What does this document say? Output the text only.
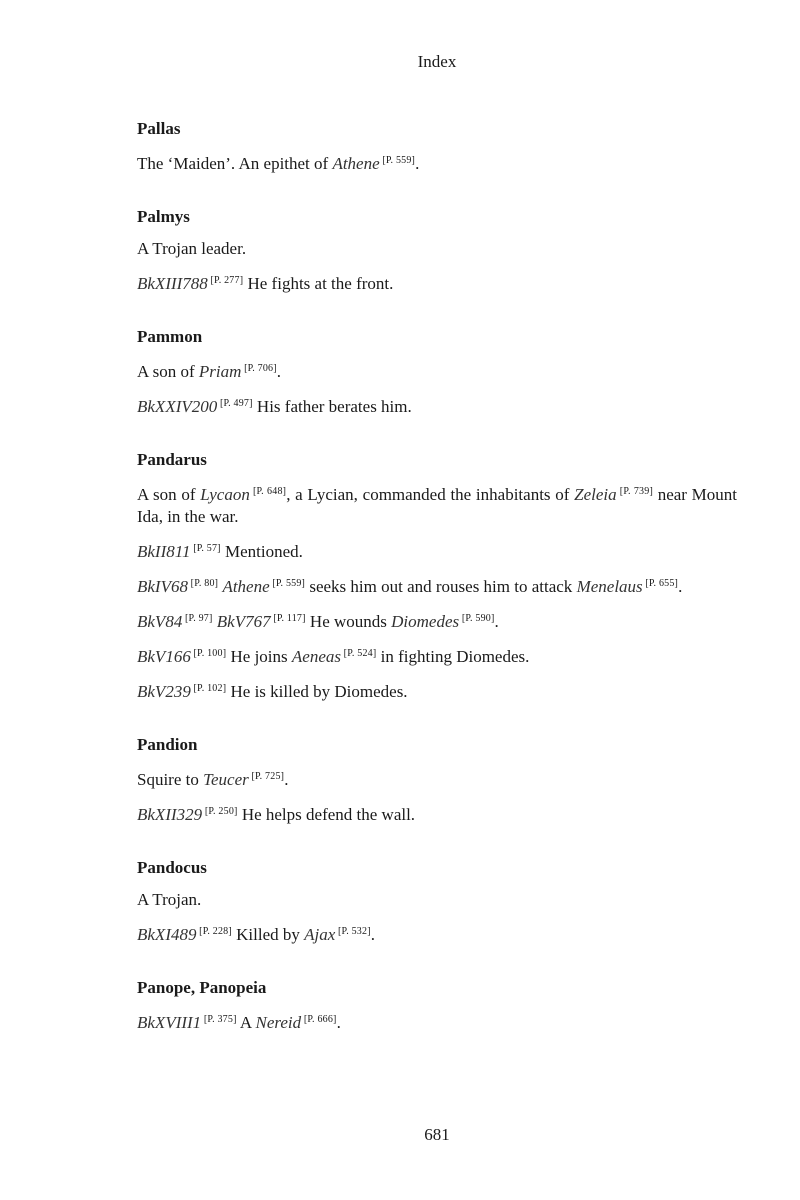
Index
Pallas
The ‘Maiden’. An epithet of Athene [P. 559].
Palmys
A Trojan leader.
BkXIII788 [P. 277] He fights at the front.
Pammon
A son of Priam [P. 706].
BkXXIV200 [P. 497] His father berates him.
Pandarus
A son of Lycaon [P. 648], a Lycian, commanded the inhabitants of Zeleia [P. 739] near Mount Ida, in the war.
BkII811 [P. 57] Mentioned.
BkIV68 [P. 80] Athene [P. 559] seeks him out and rouses him to attack Menelaus [P. 655].
BkV84 [P. 97] BkV767 [P. 117] He wounds Diomedes [P. 590].
BkV166 [P. 100] He joins Aeneas [P. 524] in fighting Diomedes.
BkV239 [P. 102] He is killed by Diomedes.
Pandion
Squire to Teucer [P. 725].
BkXII329 [P. 250] He helps defend the wall.
Pandocus
A Trojan.
BkXI489 [P. 228] Killed by Ajax [P. 532].
Panope, Panopeia
BkXVIII1 [P. 375] A Nereid [P. 666].
681
